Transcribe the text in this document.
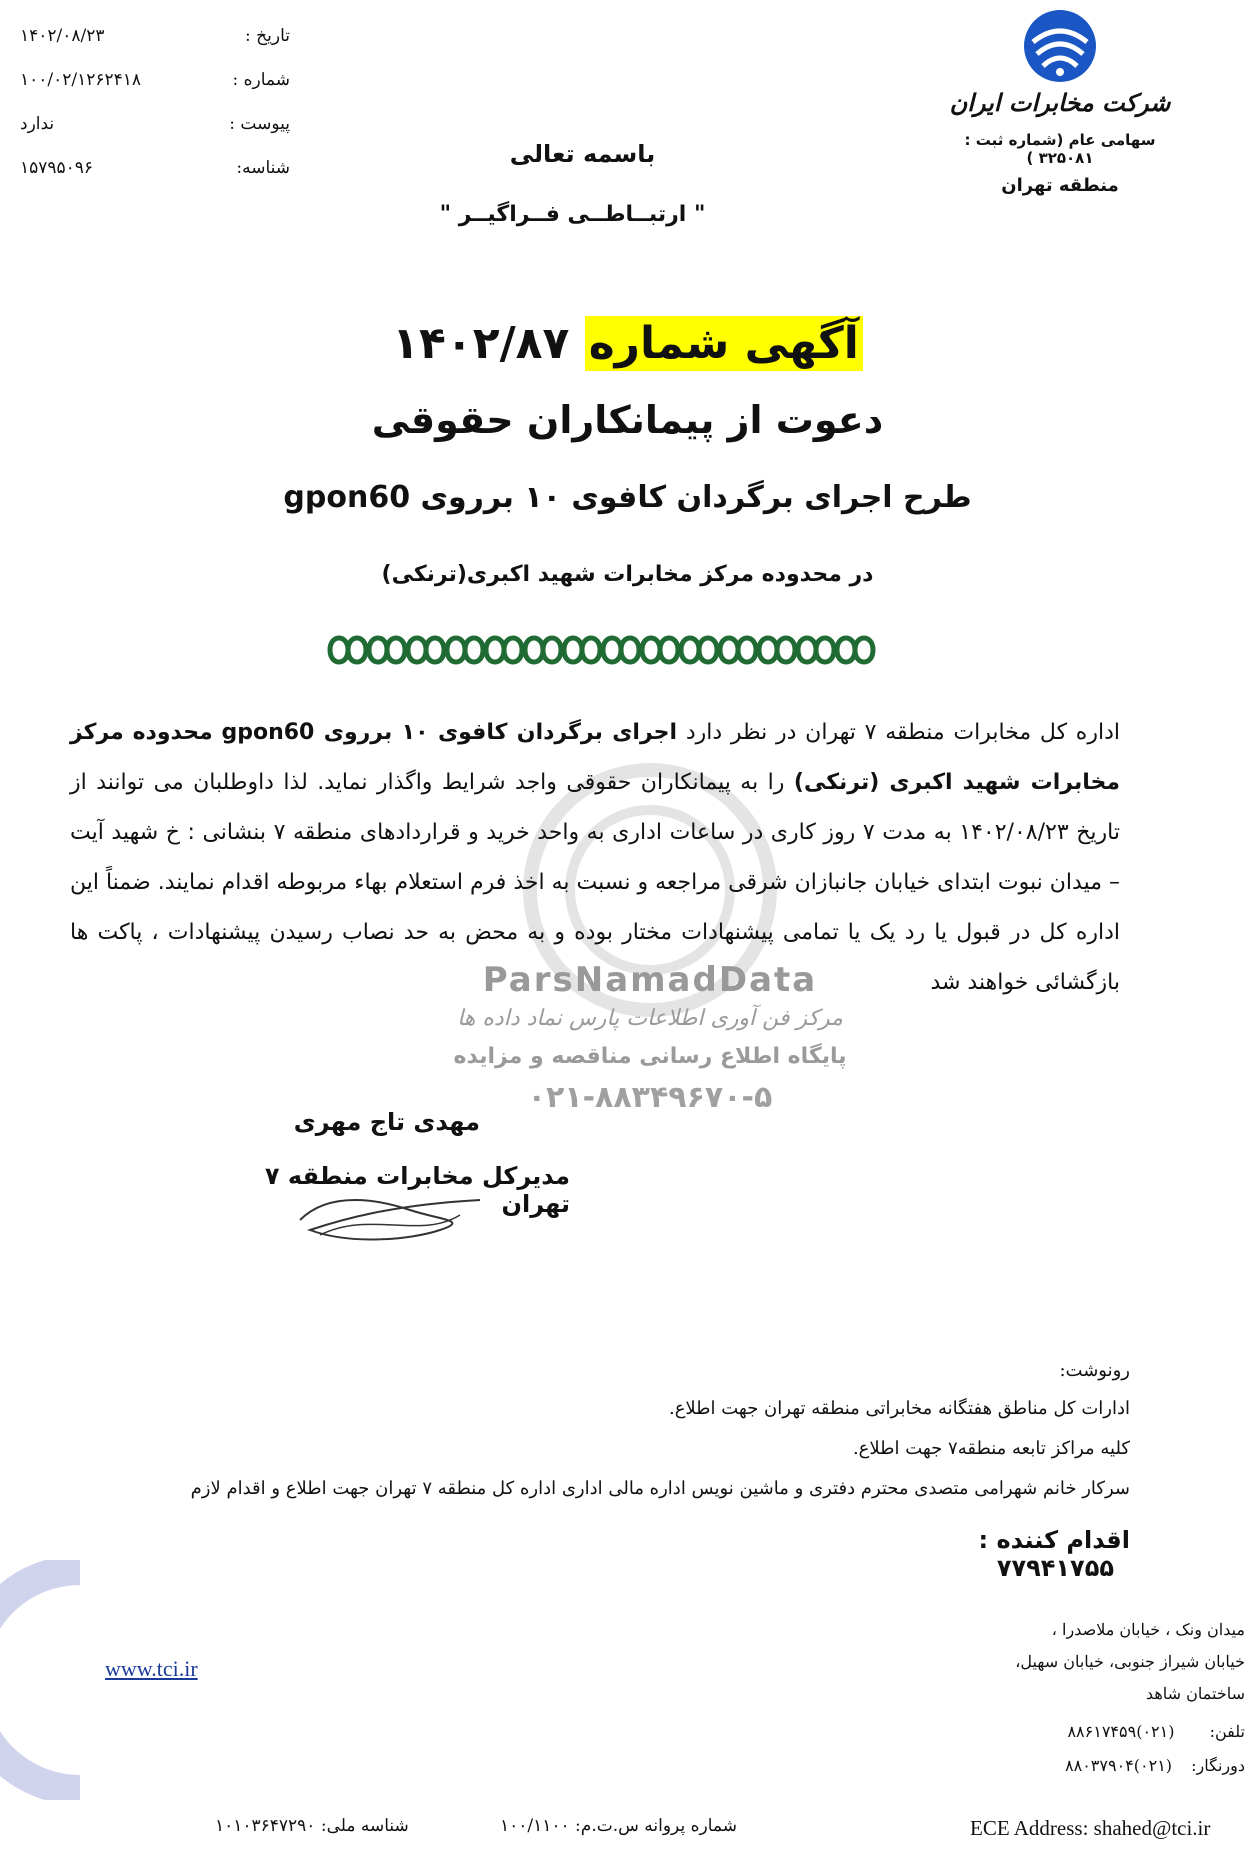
تاریخ :
۱۴۰۲/۰۸/۲۳
شماره :
۱۰۰/۰۲/۱۲۶۲۴۱۸
پیوست :
ندارد
شناسه:
۱۵۷۹۵۰۹۶
شرکت مخابرات ایران
سهامی عام (شماره ثبت : ۳۲۵۰۸۱ )
منطقه تهران
باسمه تعالی
" ارتبــاطــی فــراگیــر "
آگهی شماره ۱۴۰۲/۸۷
دعوت از پیمانکاران حقوقی
طرح اجرای برگردان کافوی ۱۰ برروی gpon60
در محدوده مرکز مخابرات شهید اکبری(ترنکی)
ParsNamadData
مرکز فن آوری اطلاعات پارس نماد داده ها
پایگاه اطلاع رسانی مناقصه و مزایده
۰۲۱-۸۸۳۴۹۶۷۰-۵
اداره کل مخابرات منطقه ۷ تهران در نظر دارد اجرای برگردان کافوی ۱۰ برروی gpon60 محدوده مرکز مخابرات شهید اکبری (ترنکی) را به پیمانکاران حقوقی واجد شرایط واگذار نماید. لذا داوطلبان می توانند از تاریخ ۱۴۰۲/۰۸/۲۳ به مدت ۷ روز کاری در ساعات اداری به واحد خرید و قراردادهای منطقه ۷ بنشانی : خ شهید آیت – میدان نبوت ابتدای خیابان جانبازان شرقی مراجعه و نسبت به اخذ فرم استعلام بهاء مربوطه اقدام نمایند. ضمناً این اداره کل در قبول یا رد یک یا تمامی پیشنهادات مختار بوده و به محض به حد نصاب رسیدن پیشنهادات ، پاکت ها بازگشائی خواهند شد
مهدی تاج مهری
مدیرکل مخابرات منطقه ۷ تهران
رونوشت:
ادارات کل مناطق هفتگانه مخابراتی منطقه تهران جهت اطلاع.
کلیه مراکز تابعه منطقه۷ جهت اطلاع.
سرکار خانم شهرامی متصدی محترم دفتری و ماشین نویس اداره مالی اداری اداره کل منطقه ۷ تهران جهت اطلاع و اقدام لازم
اقدام کننده : ۷۷۹۴۱۷۵۵
www.tci.ir
میدان ونک ، خیابان ملاصدرا ،
خیابان شیراز جنوبی، خیابان سهیل،
ساختمان شاهد
تلفن: (۰۲۱)۸۸۶۱۷۴۵۹
دورنگار: (۰۲۱)۸۸۰۳۷۹۰۴
شناسه ملی: ۱۰۱۰۳۶۴۷۲۹۰	شماره پروانه س.ت.م: ۱۰۰/۱۱۰۰	ECE Address: shahed@tci.ir
